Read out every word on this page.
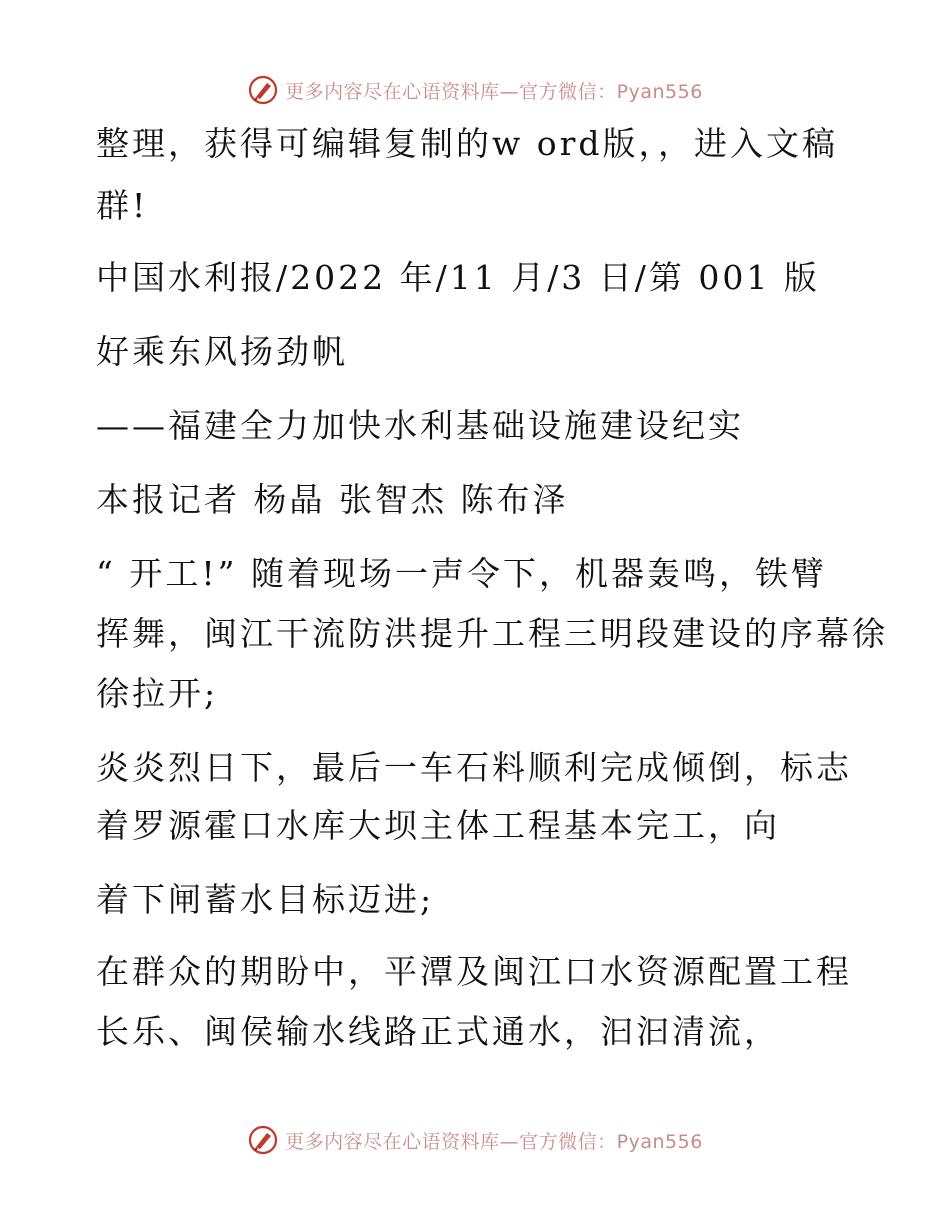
更多内容尽在心语资料库—官方微信：Pyan556
整理，获得可编辑复制的w ord版，，进入文稿
群!
中国水利报/2022 年/11 月/3 日/第 001 版
好乘东风扬劲帆
——福建全力加快水利基础设施建设纪实
本报记者 杨晶 张智杰 陈布泽
“ 开工!” 随着现场一声令下，机器轰鸣，铁臂
挥舞，闽江干流防洪提升工程三明段建设的序幕徐
徐拉开;
炎炎烈日下，最后一车石料顺利完成倾倒，标志
着罗源霍口水库大坝主体工程基本完工，向
着下闸蓄水目标迈进;
在群众的期盼中，平潭及闽江口水资源配置工程
长乐、闽侯输水线路正式通水，汩汩清流，
更多内容尽在心语资料库—官方微信：Pyan556
